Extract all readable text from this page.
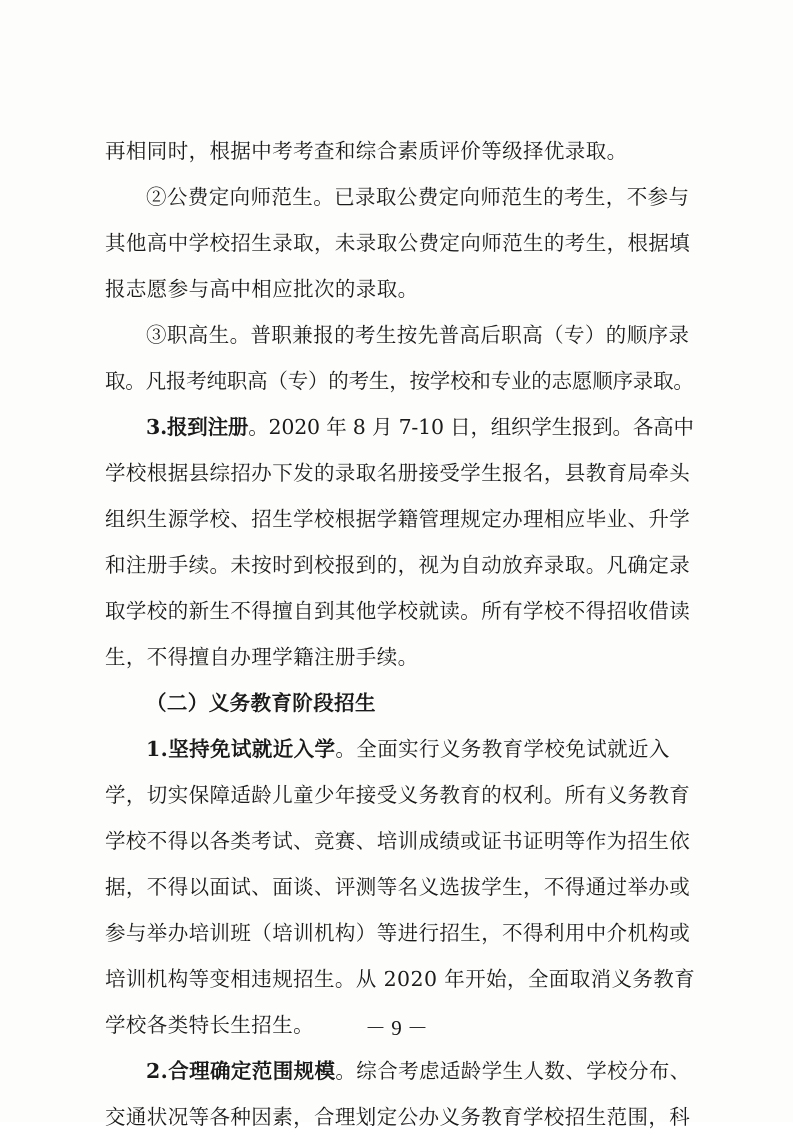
再相同时，根据中考考查和综合素质评价等级择优录取。
②公费定向师范生。已录取公费定向师范生的考生，不参与
其他高中学校招生录取，未录取公费定向师范生的考生，根据填
报志愿参与高中相应批次的录取。
③职高生。普职兼报的考生按先普高后职高（专）的顺序录
取。凡报考纯职高（专）的考生，按学校和专业的志愿顺序录取。
3.报到注册。2020 年 8 月 7-10 日，组织学生报到。各高中
学校根据县综招办下发的录取名册接受学生报名，县教育局牵头
组织生源学校、招生学校根据学籍管理规定办理相应毕业、升学
和注册手续。未按时到校报到的，视为自动放弃录取。凡确定录
取学校的新生不得擅自到其他学校就读。所有学校不得招收借读
生，不得擅自办理学籍注册手续。
（二）义务教育阶段招生
1.坚持免试就近入学。全面实行义务教育学校免试就近入
学，切实保障适龄儿童少年接受义务教育的权利。所有义务教育
学校不得以各类考试、竞赛、培训成绩或证书证明等作为招生依
据，不得以面试、面谈、评测等名义选拔学生，不得通过举办或
参与举办培训班（培训机构）等进行招生，不得利用中介机构或
培训机构等变相违规招生。从 2020 年开始，全面取消义务教育
学校各类特长生招生。
2.合理确定范围规模。综合考虑适龄学生人数、学校分布、
交通状况等各种因素，合理划定公办义务教育学校招生范围，科
－ 9 －
